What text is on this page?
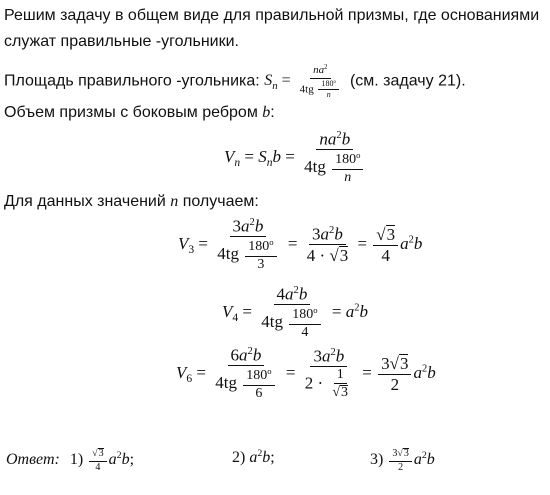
Решим задачу в общем виде для правильной призмы, где основаниями
служат правильные -угольники.
Площадь правильного -угольника: $S_n = \frac{na^2}{4tg \frac{180^o}{n}} (см$. задачу 21).
Объем призмы с боковым ребром b:
$V_n = S_nb = \frac{na^2b}{4tg \frac{180^o}{n}}$
Для данных значений n получаем:
$V_3 = \frac{3a^2b}{4tg \frac{180^o}{3}} = \frac{3a^2b}{4 \cdot √3} = \frac{√3}{4} a^2b$
$V_4 = \frac{4a^2b}{4tg \frac{180^o}{4}} = a^2b$
$V_6 = \frac{6a^2b}{4tg \frac{180^o}{6}} = \frac{3a^2b}{2 \cdot \frac{1}{√3}} = \frac{3√3}{2} a^2b$
Ответ: $1) \frac{√3}{4} a^2b$;	2) $a^2b$;	$3) \frac{3√3}{2} a^2b$
